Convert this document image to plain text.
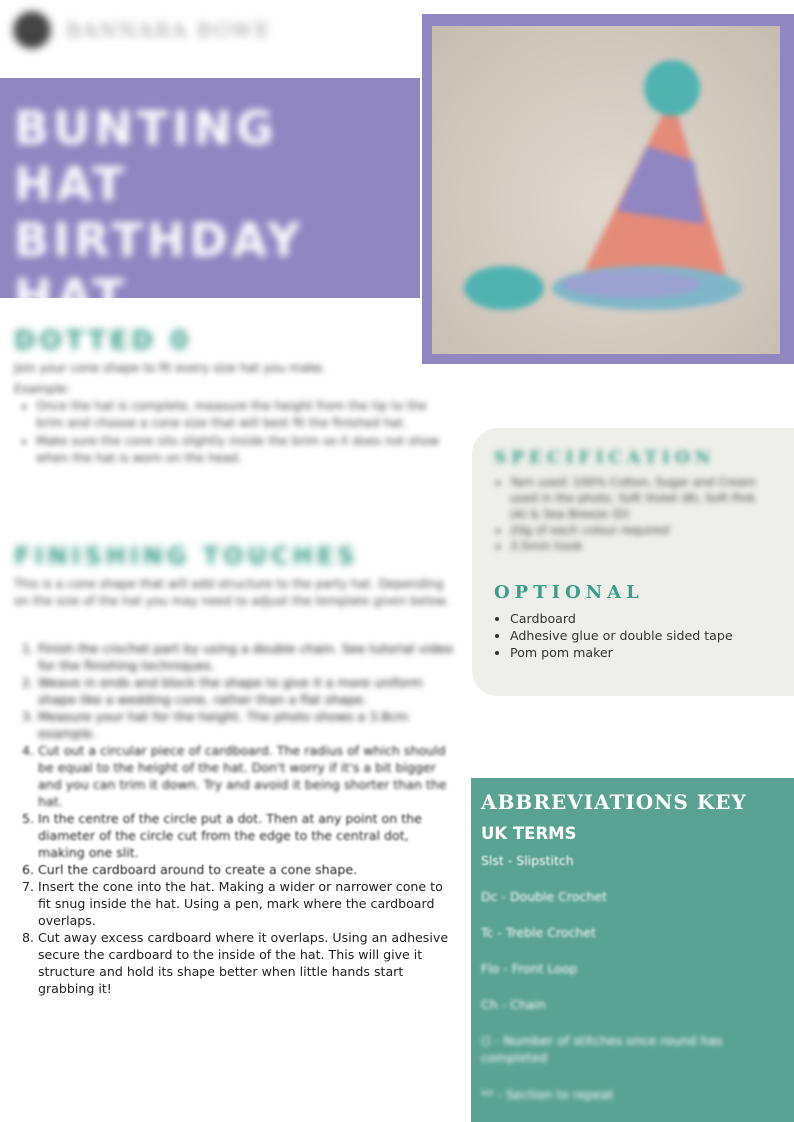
BANNARA BOWE
BUNTING HAT BIRTHDAY HAT
DOTTED 0
Join your cone shape to fit every size hat you make.
Example:
• Once the hat is complete, measure the height from the tip to the brim and choose a cone size that will best fit the finished hat.
• Make sure the cone sits slightly inside the brim so it does not show when the hat is worn on the head.
FINISHING TOUCHES
This is a cone shape that will add structure to the party hat. Depending on the size of the hat you may need to adjust the template given below.
1. Finish the crochet part by using a double chain. See tutorial video for the finishing techniques.
2. Weave in ends and block the shape to give it a more uniform shape like a wedding cone, rather than a flat shape.
3. Measure your hat for the height. The photo shows a 3.8cm example.
4. Cut out a circular piece of cardboard. The radius of which should be equal to the height of the hat. Don't worry if it's a bit bigger and you can trim it down. Try and avoid it being shorter than the hat.
5. In the centre of the circle put a dot. Then at any point on the diameter of the circle cut from the edge to the central dot, making one slit.
6. Curl the cardboard around to create a cone shape.
7. Insert the cone into the hat. Making a wider or narrower cone to fit snug inside the hat. Using a pen, mark where the cardboard overlaps.
8. Cut away excess cardboard where it overlaps. Using an adhesive secure the cardboard to the inside of the hat. This will give it structure and hold its shape better when little hands start grabbing it!
SPECIFICATION
• Yarn used: 100% Cotton, Sugar and Cream used in the photo, Soft Violet (B), Soft Pink (A) & Sea Breeze (D)
• 20g of each colour required
• 3.5mm hook
OPTIONAL
• Cardboard
• Adhesive glue or double sided tape
• Pom pom maker
ABBREVIATIONS KEY
UK TERMS
Slst - Slipstitch
Dc - Double Crochet
Tc - Treble Crochet
Flo - Front Loop
Ch - Chain
() - Number of stitches once round has completed
** - Section to repeat
